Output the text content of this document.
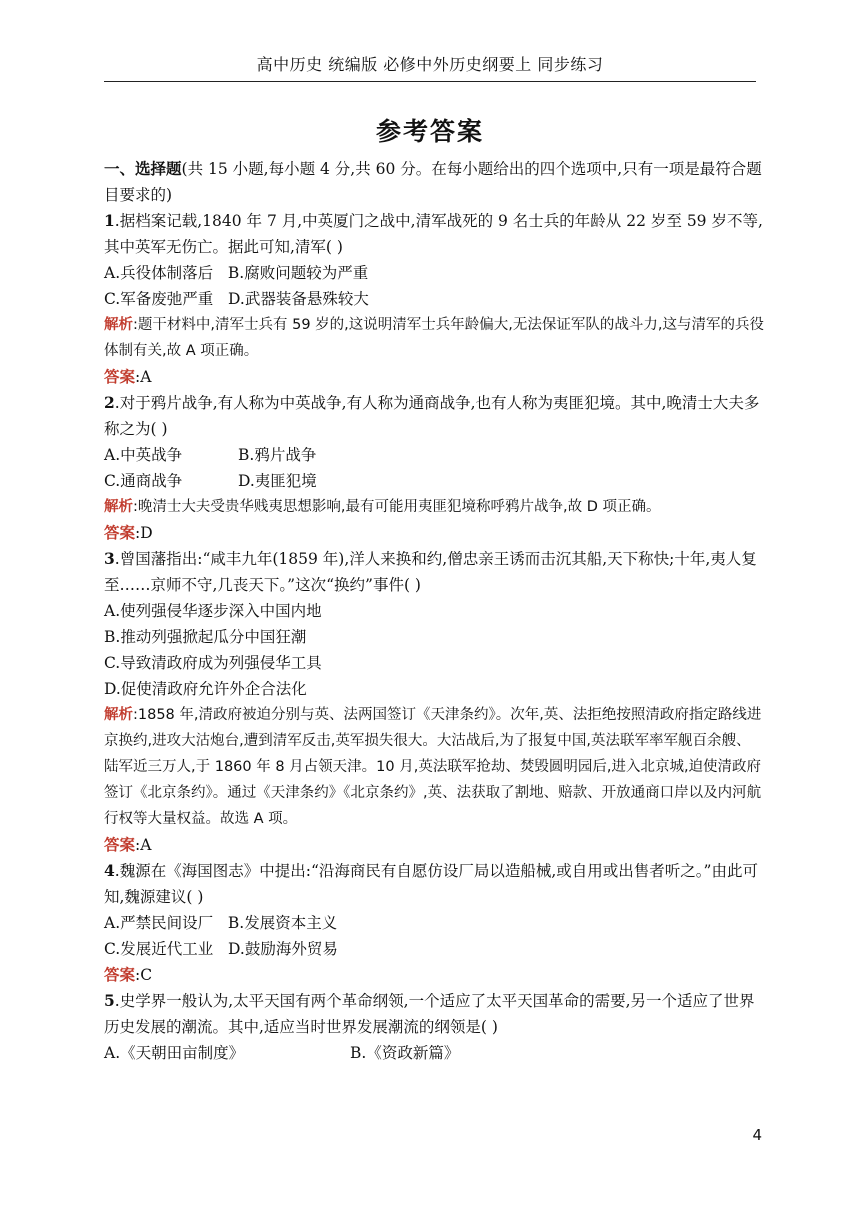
高中历史 统编版 必修中外历史纲要上 同步练习
参考答案

一、选择题(共 15 小题,每小题 4 分,共 60 分。在每小题给出的四个选项中,只有一项是最符合题目要求的)

1.据档案记载,1840 年 7 月,中英厦门之战中,清军战死的 9 名士兵的年龄从 22 岁至 59 岁不等,其中英军无伤亡。据此可知,清军( )

A.兵役体制落后 B.腐败问题较为严重

C.军备废弛严重 D.武器装备悬殊较大

解析:题干材料中,清军士兵有 59 岁的,这说明清军士兵年龄偏大,无法保证军队的战斗力,这与清军的兵役体制有关,故 A 项正确。

答案:A

2.对于鸦片战争,有人称为中英战争,有人称为通商战争,也有人称为夷匪犯境。其中,晚清士大夫多称之为( )

A.中英战争	B.鸦片战争
C.通商战争	D.夷匪犯境

解析:晚清士大夫受贵华贱夷思想影响,最有可能用夷匪犯境称呼鸦片战争,故 D 项正确。

答案:D

3.曾国藩指出:“咸丰九年(1859 年),洋人来换和约,僧忠亲王诱而击沉其船,天下称快;十年,夷人复至……京师不守,几丧天下。”这次“换约”事件( )

A.使列强侵华逐步深入中国内地

B.推动列强掀起瓜分中国狂潮

C.导致清政府成为列强侵华工具

D.促使清政府允许外企合法化

解析:1858 年,清政府被迫分别与英、法两国签订《天津条约》。次年,英、法拒绝按照清政府指定路线进京换约,进攻大沽炮台,遭到清军反击,英军损失很大。大沽战后,为了报复中国,英法联军率军舰百余艘、陆军近三万人,于 1860 年 8 月占领天津。10 月,英法联军抢劫、焚毁圆明园后,进入北京城,迫使清政府签订《北京条约》。通过《天津条约》《北京条约》,英、法获取了割地、赔款、开放通商口岸以及内河航行权等大量权益。故选 A 项。

答案:A

4.魏源在《海国图志》中提出:“沿海商民有自愿仿设厂局以造船械,或自用或出售者听之。”由此可知,魏源建议( )

A.严禁民间设厂 B.发展资本主义

C.发展近代工业 D.鼓励海外贸易

答案:C

5.史学界一般认为,太平天国有两个革命纲领,一个适应了太平天国革命的需要,另一个适应了世界历史发展的潮流。其中,适应当时世界发展潮流的纲领是( )

A.《天朝田亩制度》	B.《资政新篇》
4
